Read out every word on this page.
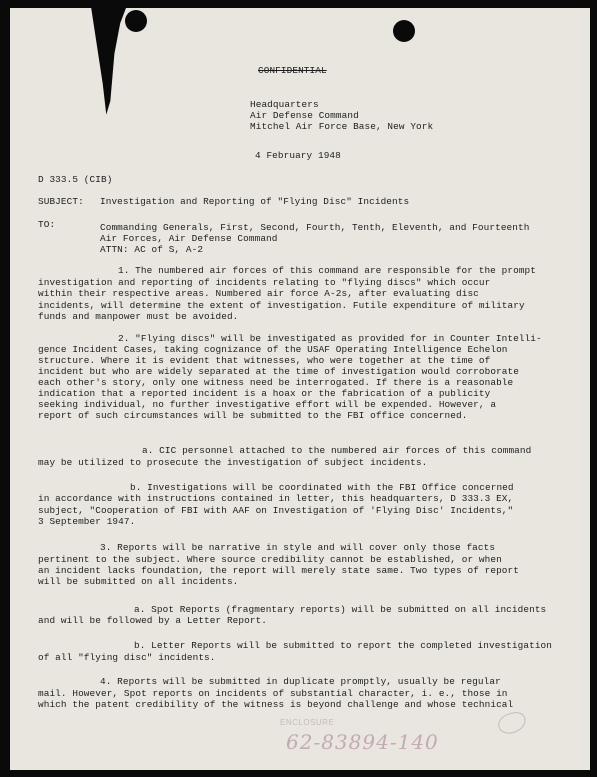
CONFIDENTIAL
Headquarters
Air Defense Command
Mitchel Air Force Base, New York
4 February 1948
D 333.5 (CIB)
SUBJECT: Investigation and Reporting of "Flying Disc" Incidents
TO:	Commanding Generals, First, Second, Fourth, Tenth, Eleventh, and Fourteenth
Air Forces, Air Defense Command
ATTN: AC of S, A-2
1. The numbered air forces of this command are responsible for the prompt
investigation and reporting of incidents relating to "flying discs" which occur
within their respective areas. Numbered air force A-2s, after evaluating disc
incidents, will determine the extent of investigation. Futile expenditure of military
funds and manpower must be avoided.
2. "Flying discs" will be investigated as provided for in Counter Intelli-
gence Incident Cases, taking cognizance of the USAF Operating Intelligence Echelon
structure. Where it is evident that witnesses, who were together at the time of
incident but who are widely separated at the time of investigation would corroborate
each other's story, only one witness need be interrogated. If there is a reasonable
indication that a reported incident is a hoax or the fabrication of a publicity
seeking individual, no further investigative effort will be expended. However, a
report of such circumstances will be submitted to the FBI office concerned.
a. CIC personnel attached to the numbered air forces of this command
may be utilized to prosecute the investigation of subject incidents.
b. Investigations will be coordinated with the FBI Office concerned
in accordance with instructions contained in letter, this headquarters, D 333.3 EX,
subject, "Cooperation of FBI with AAF on Investigation of 'Flying Disc' Incidents,"
3 September 1947.
3. Reports will be narrative in style and will cover only those facts
pertinent to the subject. Where source credibility cannot be established, or when
an incident lacks foundation, the report will merely state same. Two types of report
will be submitted on all incidents.
a. Spot Reports (fragmentary reports) will be submitted on all incidents
and will be followed by a Letter Report.
b. Letter Reports will be submitted to report the completed investigation
of all "flying disc" incidents.
4. Reports will be submitted in duplicate promptly, usually be regular
mail. However, Spot reports on incidents of substantial character, i. e., those in
which the patent credibility of the witness is beyond challenge and whose technical
ENCLOSURE
62-83894-140
